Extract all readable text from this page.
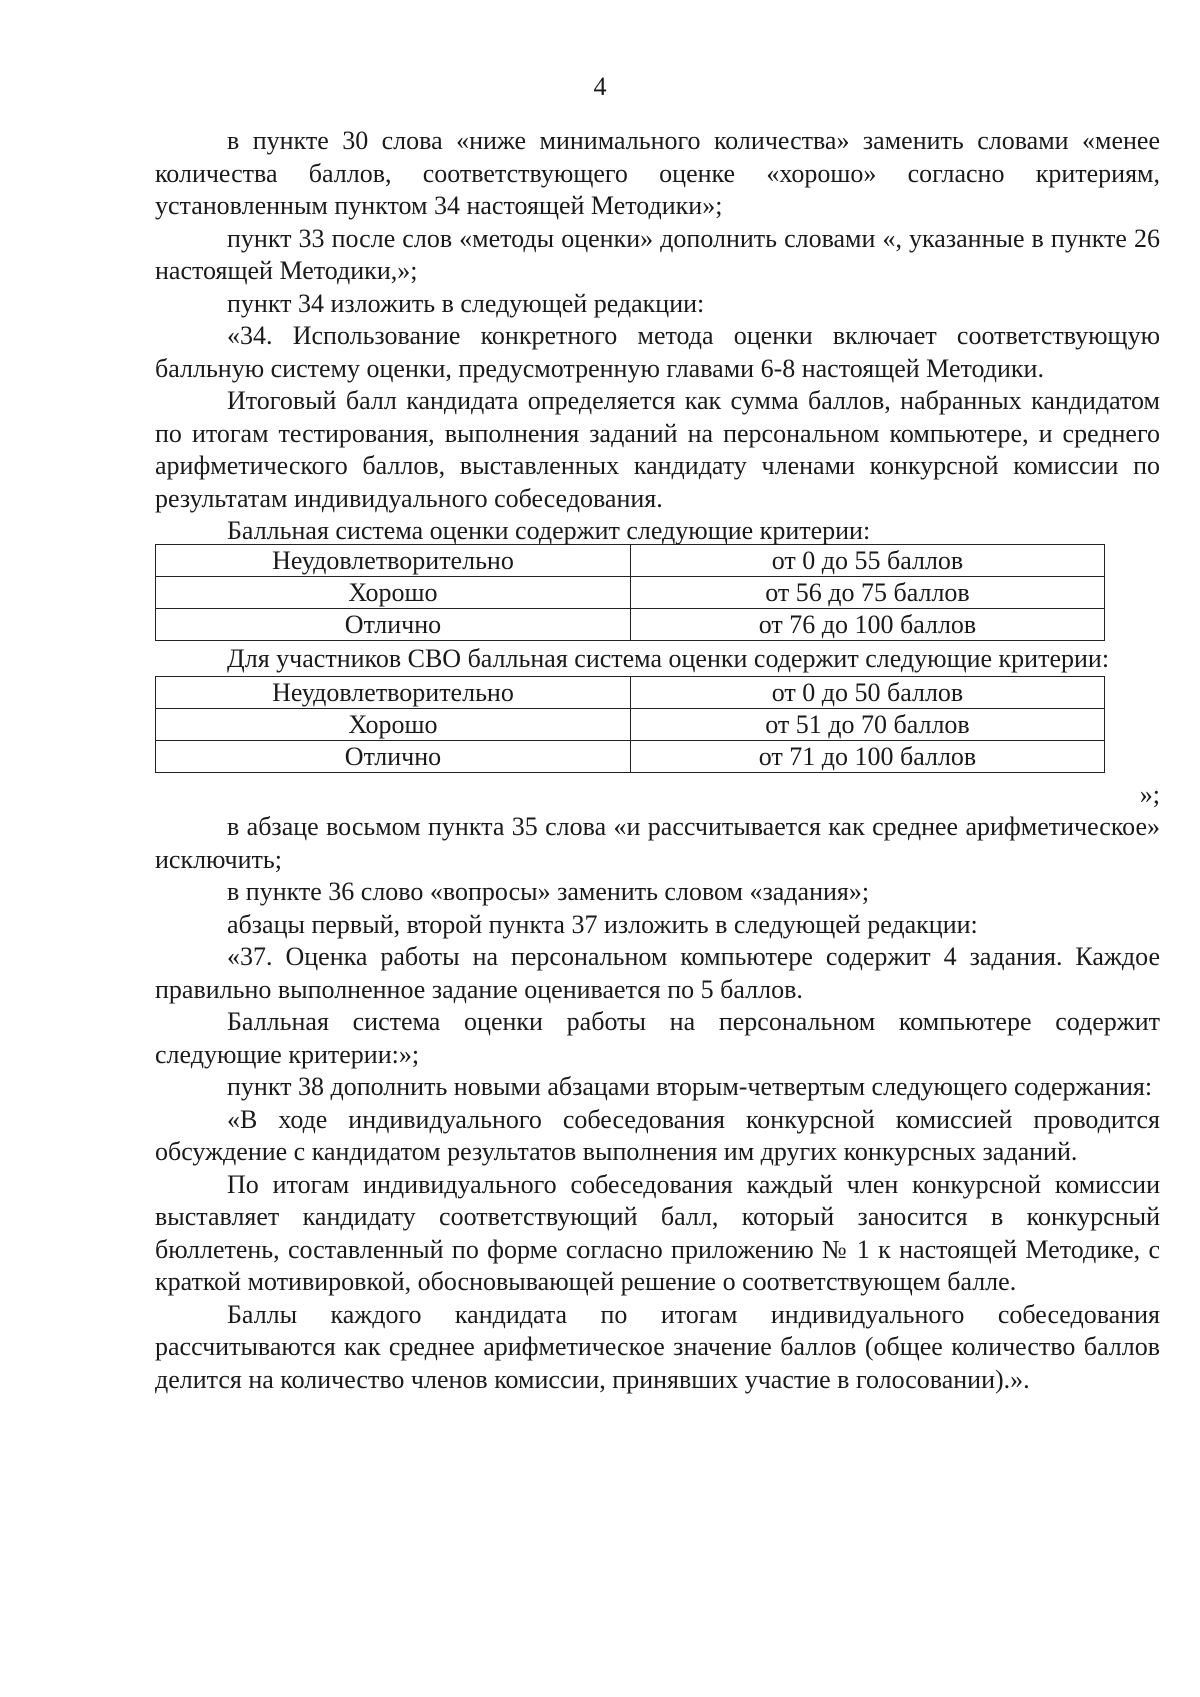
4

в пункте 30 слова «ниже минимального количества» заменить словами «менее количества баллов, соответствующего оценке «хорошо» согласно критериям, установленным пунктом 34 настоящей Методики»;

пункт 33 после слов «методы оценки» дополнить словами «, указанные в пункте 26 настоящей Методики,»;

пункт 34 изложить в следующей редакции:

«34. Использование конкретного метода оценки включает соответствующую балльную систему оценки, предусмотренную главами 6-8 настоящей Методики.

Итоговый балл кандидата определяется как сумма баллов, набранных кандидатом по итогам тестирования, выполнения заданий на персональном компьютере, и среднего арифметического баллов, выставленных кандидату членами конкурсной комиссии по результатам индивидуального собеседования.

Балльная система оценки содержит следующие критерии:

Неудовлетворительно	от 0 до 55 баллов
Хорошо	от 56 до 75 баллов
Отлично	от 76 до 100 баллов

Для участников СВО балльная система оценки содержит следующие критерии:

Неудовлетворительно	от 0 до 50 баллов
Хорошо	от 51 до 70 баллов
Отлично	от 71 до 100 баллов

»;

в абзаце восьмом пункта 35 слова «и рассчитывается как среднее арифметическое» исключить;

в пункте 36 слово «вопросы» заменить словом «задания»;

абзацы первый, второй пункта 37 изложить в следующей редакции:

«37. Оценка работы на персональном компьютере содержит 4 задания. Каждое правильно выполненное задание оценивается по 5 баллов.

Балльная система оценки работы на персональном компьютере содержит следующие критерии:»;

пункт 38 дополнить новыми абзацами вторым-четвертым следующего содержания:

«В ходе индивидуального собеседования конкурсной комиссией проводится обсуждение с кандидатом результатов выполнения им других конкурсных заданий.

По итогам индивидуального собеседования каждый член конкурсной комиссии выставляет кандидату соответствующий балл, который заносится в конкурсный бюллетень, составленный по форме согласно приложению № 1 к настоящей Методике, с краткой мотивировкой, обосновывающей решение о соответствующем балле.

Баллы каждого кандидата по итогам индивидуального собеседования рассчитываются как среднее арифметическое значение баллов (общее количество баллов делится на количество членов комиссии, принявших участие в голосовании).».
